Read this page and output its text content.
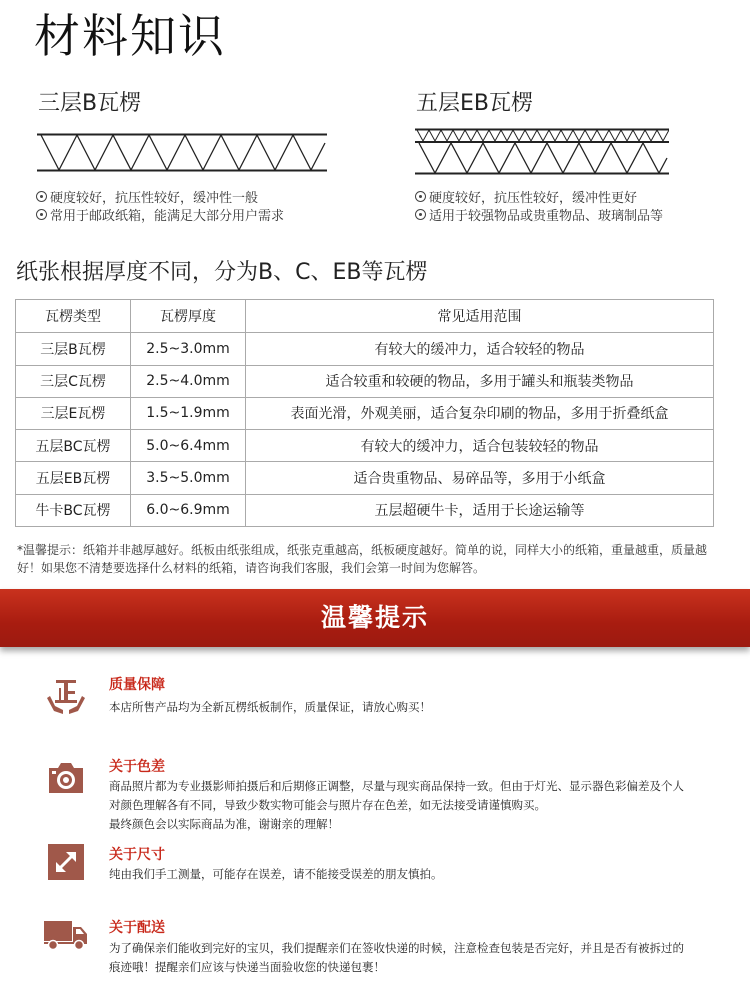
材料知识
三层B瓦楞
硬度较好，抗压性较好，缓冲性一般
常用于邮政纸箱，能满足大部分用户需求
五层EB瓦楞
硬度较好，抗压性较好，缓冲性更好
适用于较强物品或贵重物品、玻璃制品等
纸张根据厚度不同，分为B、C、EB等瓦楞
瓦楞类型	瓦楞厚度	常见适用范围
三层B瓦楞	2.5~3.0mm	有较大的缓冲力，适合较轻的物品
三层C瓦楞	2.5~4.0mm	适合较重和较硬的物品，多用于罐头和瓶装类物品
三层E瓦楞	1.5~1.9mm	表面光滑，外观美丽，适合复杂印刷的物品，多用于折叠纸盒
五层BC瓦楞	5.0~6.4mm	有较大的缓冲力，适合包装较轻的物品
五层EB瓦楞	3.5~5.0mm	适合贵重物品、易碎品等，多用于小纸盒
牛卡BC瓦楞	6.0~6.9mm	五层超硬牛卡，适用于长途运输等
*温馨提示：纸箱并非越厚越好。纸板由纸张组成，纸张克重越高，纸板硬度越好。简单的说，同样大小的纸箱，重量越重，质量越好！如果您不清楚要选择什么材料的纸箱，请咨询我们客服，我们会第一时间为您解答。
温馨提示
质量保障
本店所售产品均为全新瓦楞纸板制作，质量保证，请放心购买！
关于色差
商品照片都为专业摄影师拍摄后和后期修正调整，尽量与现实商品保持一致。但由于灯光、显示器色彩偏差及个人
对颜色理解各有不同，导致少数实物可能会与照片存在色差，如无法接受请谨慎购买。
最终颜色会以实际商品为准，谢谢亲的理解！
关于尺寸
纯由我们手工测量，可能存在误差，请不能接受误差的朋友慎拍。
关于配送
为了确保亲们能收到完好的宝贝，我们提醒亲们在签收快递的时候，注意检查包装是否完好，并且是否有被拆过的
痕迹哦！提醒亲们应该与快递当面验收您的快递包裹！
